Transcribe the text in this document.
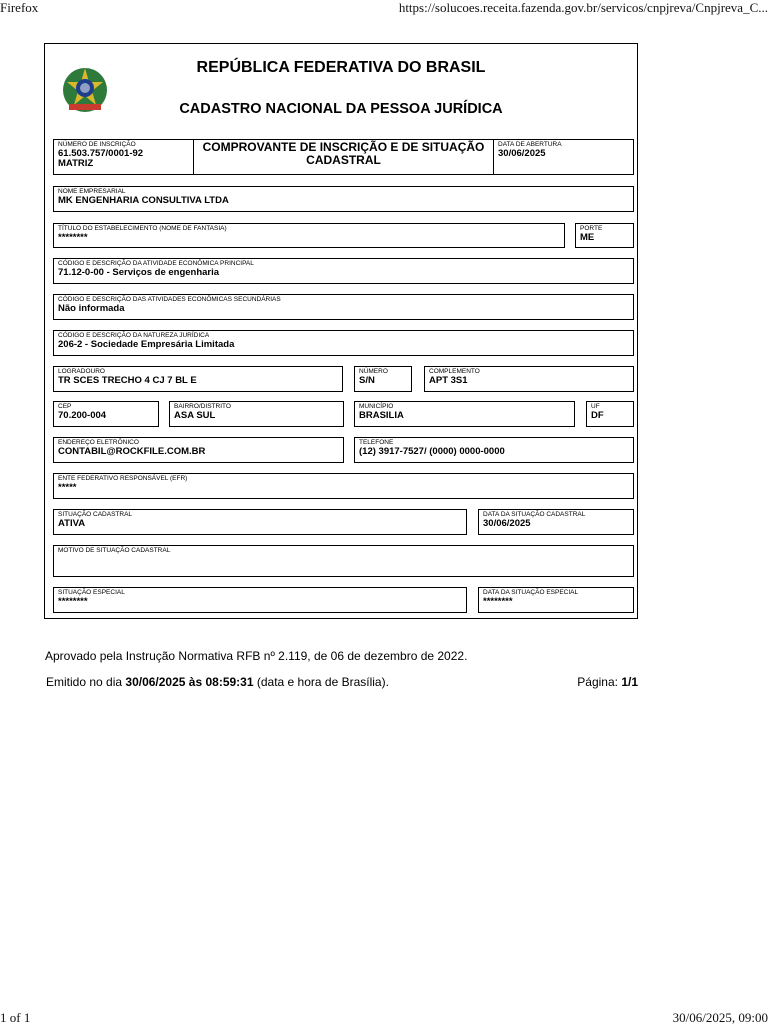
Firefox	https://solucoes.receita.fazenda.gov.br/servicos/cnpjreva/Cnpjreva_C...
1 of 1	30/06/2025, 09:00
REPÚBLICA FEDERATIVA DO BRASIL
CADASTRO NACIONAL DA PESSOA JURÍDICA
NÚMERO DE INSCRIÇÃO
61.503.757/0001-92
MATRIZ
COMPROVANTE DE INSCRIÇÃO E DE SITUAÇÃO CADASTRAL
DATA DE ABERTURA
30/06/2025
NOME EMPRESARIAL
MK ENGENHARIA CONSULTIVA LTDA
TÍTULO DO ESTABELECIMENTO (NOME DE FANTASIA)
********
PORTE
ME
CÓDIGO E DESCRIÇÃO DA ATIVIDADE ECONÔMICA PRINCIPAL
71.12-0-00 - Serviços de engenharia
CÓDIGO E DESCRIÇÃO DAS ATIVIDADES ECONÔMICAS SECUNDÁRIAS
Não informada
CÓDIGO E DESCRIÇÃO DA NATUREZA JURÍDICA
206-2 - Sociedade Empresária Limitada
LOGRADOURO
TR SCES TRECHO 4 CJ 7 BL E
NÚMERO
S/N
COMPLEMENTO
APT 3S1
CEP
70.200-004
BAIRRO/DISTRITO
ASA SUL
MUNICÍPIO
BRASILIA
UF
DF
ENDEREÇO ELETRÔNICO
CONTABIL@ROCKFILE.COM.BR
TELEFONE
(12) 3917-7527/ (0000) 0000-0000
ENTE FEDERATIVO RESPONSÁVEL (EFR)
*****
SITUAÇÃO CADASTRAL
ATIVA
DATA DA SITUAÇÃO CADASTRAL
30/06/2025
MOTIVO DE SITUAÇÃO CADASTRAL
SITUAÇÃO ESPECIAL
********
DATA DA SITUAÇÃO ESPECIAL
********
Aprovado pela Instrução Normativa RFB nº 2.119, de 06 de dezembro de 2022.
Emitido no dia 30/06/2025 às 08:59:31 (data e hora de Brasília).	Página: 1/1
